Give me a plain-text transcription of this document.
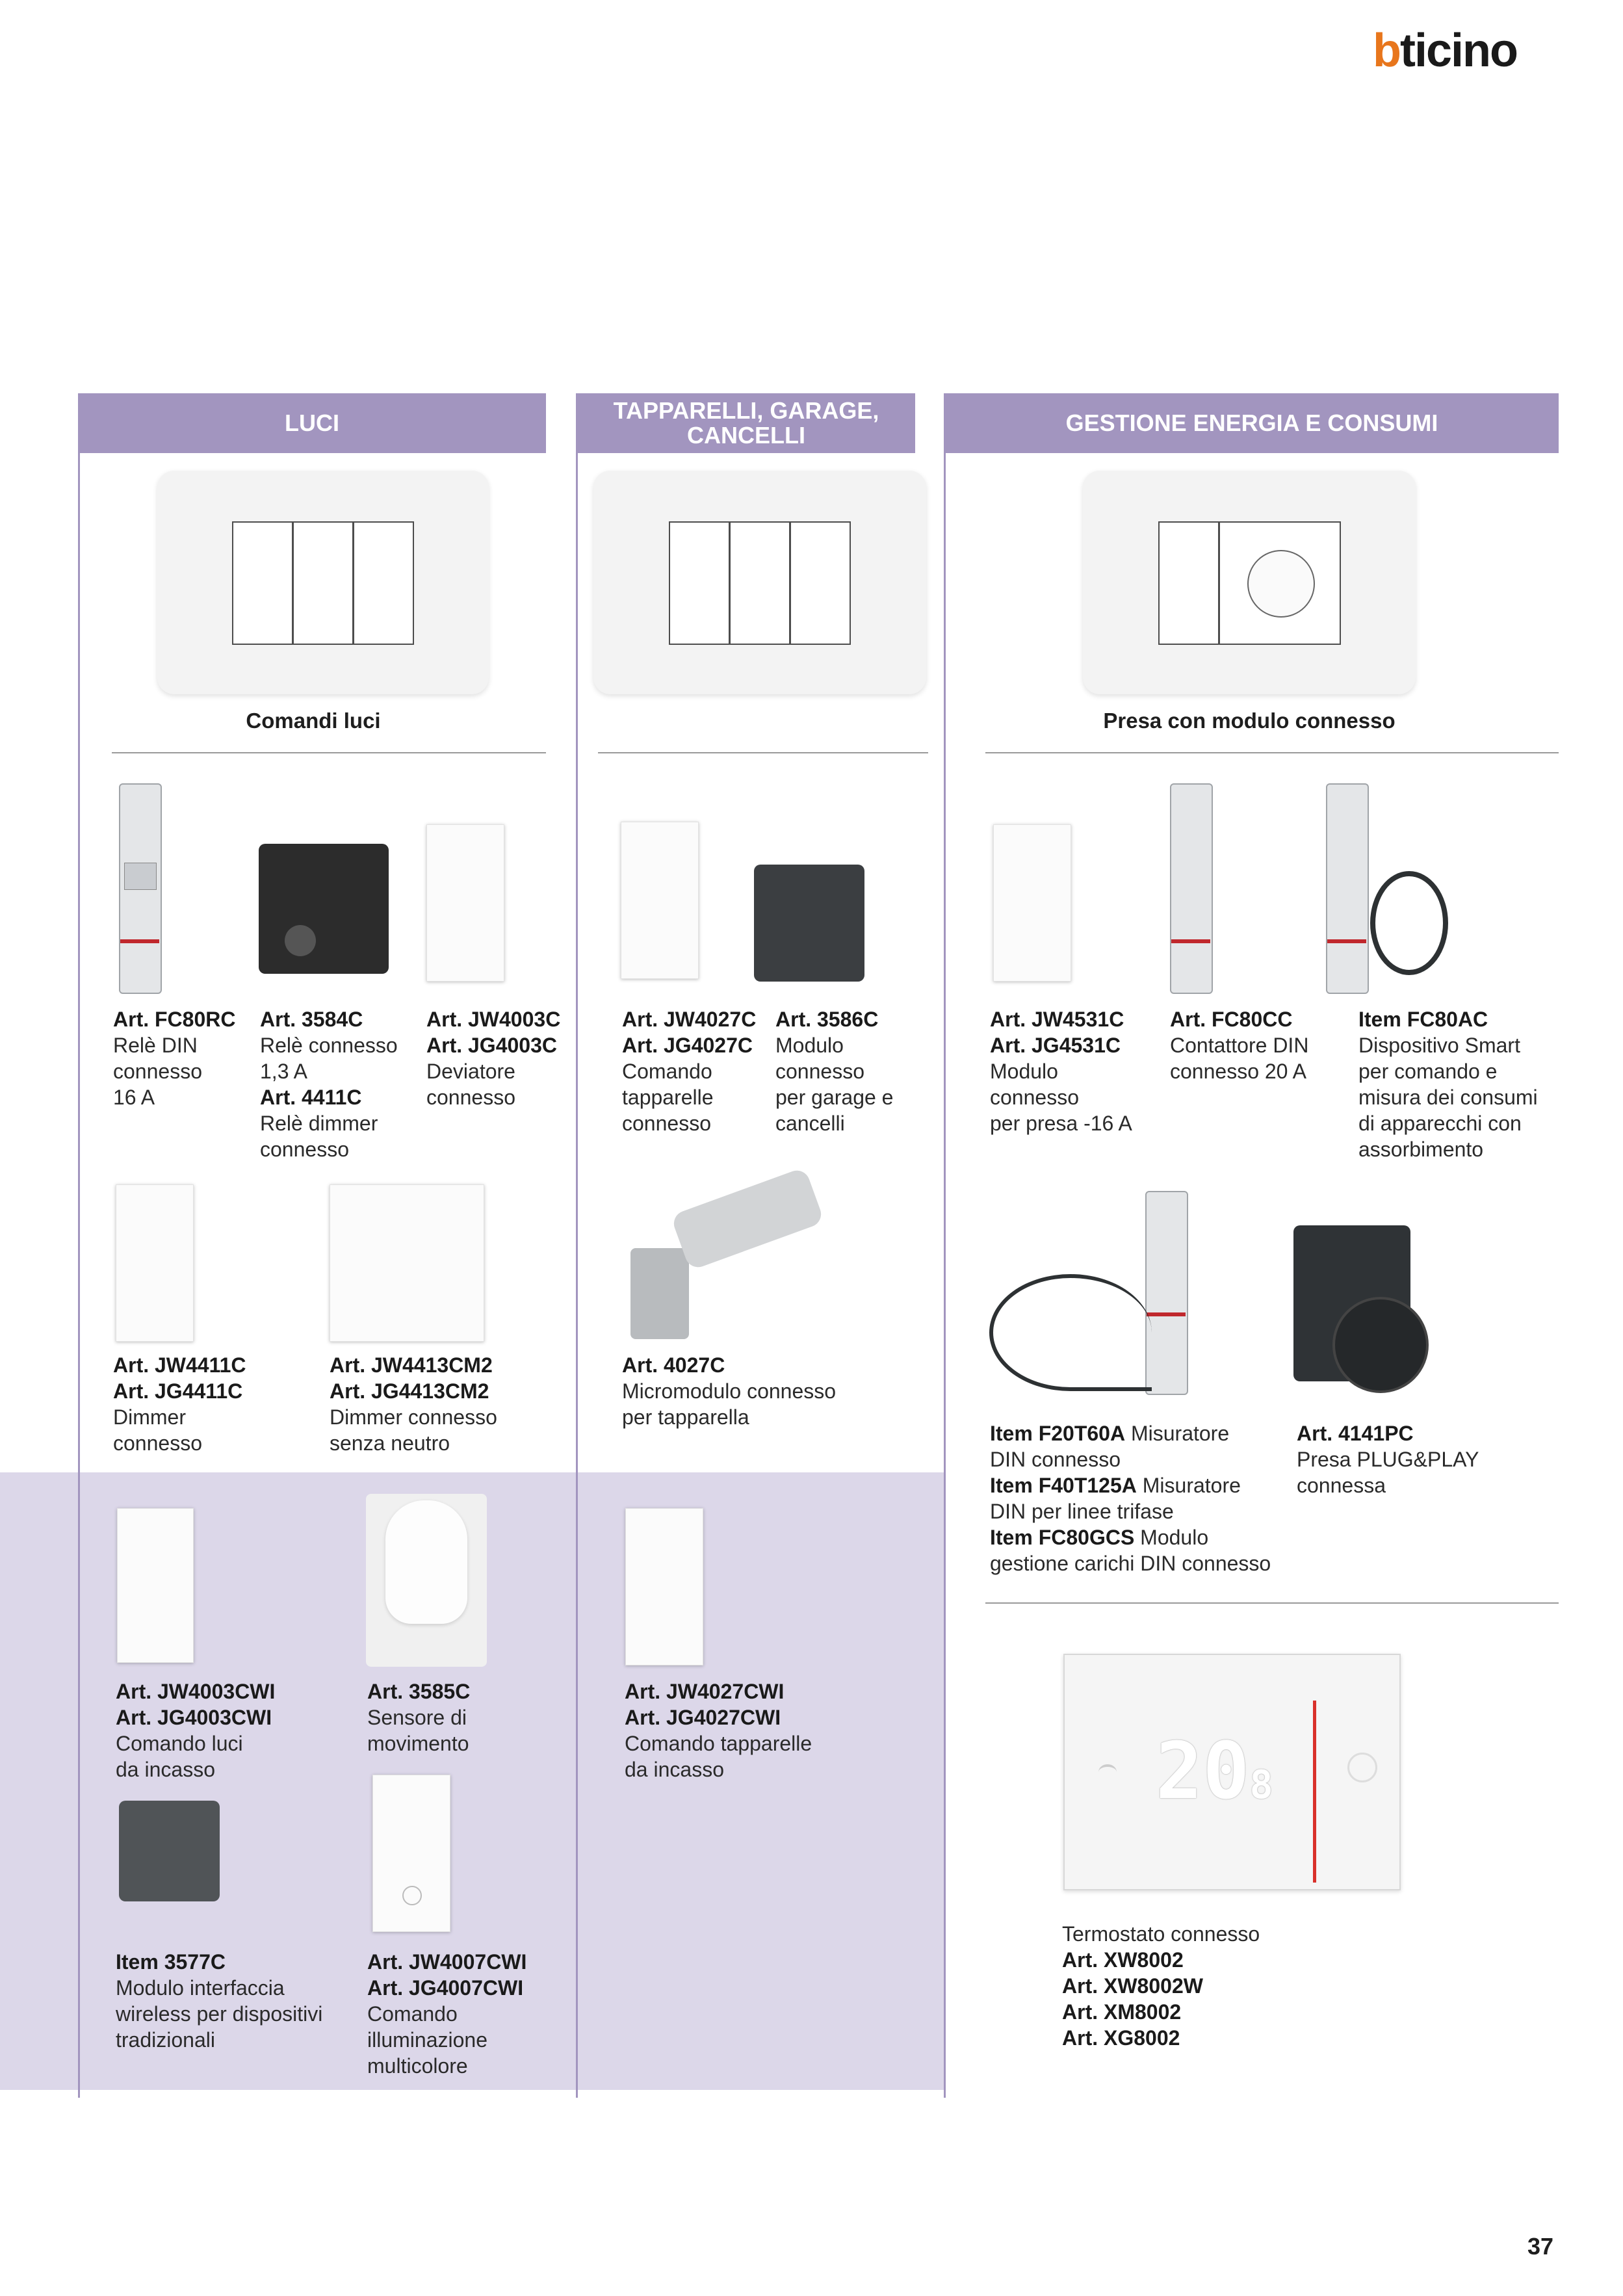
bticino
LUCI	TAPPARELLI, GARAGE, CANCELLI	GESTIONE ENERGIA E CONSUMI
Comandi luci
Art. FC80RC
Relè DIN
connesso
16 A
Art. 3584C
Relè connesso
1,3 A
Art. 4411C
Relè dimmer
connesso
Art. JW4003C
Art. JG4003C
Deviatore
connesso
Art. JW4411C
Art. JG4411C
Dimmer
connesso
Art. JW4413CM2
Art. JG4413CM2
Dimmer connesso
senza neutro
Art. JW4003CWI
Art. JG4003CWI
Comando luci
da incasso
Art. 3585C
Sensore di
movimento
Item 3577C
Modulo interfaccia
wireless per dispositivi
tradizionali
Art. JW4007CWI
Art. JG4007CWI
Comando
illuminazione
multicolore
Art. JW4027C
Art. JG4027C
Comando
tapparelle
connesso
Art. 3586C
Modulo
connesso
per garage e
cancelli
Art. 4027C
Micromodulo connesso
per tapparella
Art. JW4027CWI
Art. JG4027CWI
Comando tapparelle
da incasso
Presa con modulo connesso
Art. JW4531C
Art. JG4531C
Modulo
connesso
per presa -16 A
Art. FC80CC
Contattore DIN
connesso 20 A
Item FC80AC
Dispositivo Smart
per comando e
misura dei consumi
di apparecchi con
assorbimento
Item F20T60A Misuratore
DIN connesso
Item F40T125A Misuratore
DIN per linee trifase
Item FC80GCS Modulo
gestione carichi DIN connesso
Art. 4141PC
Presa PLUG&PLAY
connessa
208
Termostato connesso
Art. XW8002
Art. XW8002W
Art. XM8002
Art. XG8002
37
